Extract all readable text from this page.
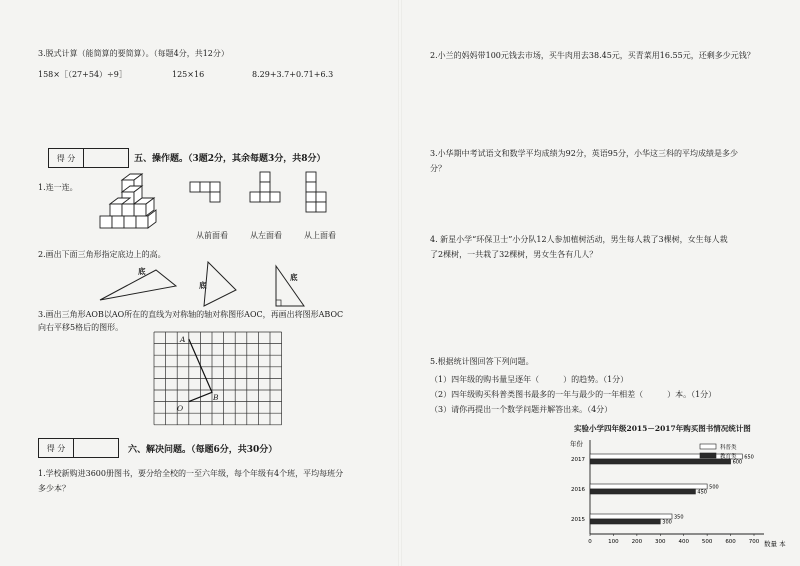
3.脱式计算（能简算的要简算）。（每题4分，共12分）
158×［（27+54）÷9］	125×16	8.29+3.7+0.71+6.3
得 分	五、操作题。（3题2分，其余每题3分，共8分）
1.连一连。
从前面看	从左面看	从上面看
2.画出下面三角形指定底边上的高。
底
底
底
3.画出三角形AOB以AO所在的直线为对称轴的轴对称图形AOC，再画出将图形ABOC
向右平移5格后的图形。
A
O
B
得 分	六、解决问题。（每题6分，共30分）
1.学校新购进3600册图书，要分给全校的一至六年级，每个年级有4个班，平均每班分
多少本？
2.小兰的妈妈带100元钱去市场，买牛肉用去38.45元，买青菜用16.55元，还剩多少元钱？
3.小华期中考试语文和数学平均成绩为92分，英语95分，小华这三科的平均成绩是多少
分？
4. 新星小学“环保卫士”小分队12人参加植树活动，男生每人栽了3棵树，女生每人栽
了2棵树，一共栽了32棵树，男女生各有几人？
5.根据统计图回答下列问题。
（1）四年级的购书量呈逐年（　　　）的趋势。（1分）
（2）四年级购买科普类图书最多的一年与最少的一年相差（　　　）本。（1分）
（3）请你再提出一个数学问题并解答出来。（4分）
实验小学四年级2015－2017年购买图书情况统计图
年份
数量 本
0	100 200 300 400 500 600 700
2017	650
600
2016	500
450
2015	350
300
科普类
教育类
